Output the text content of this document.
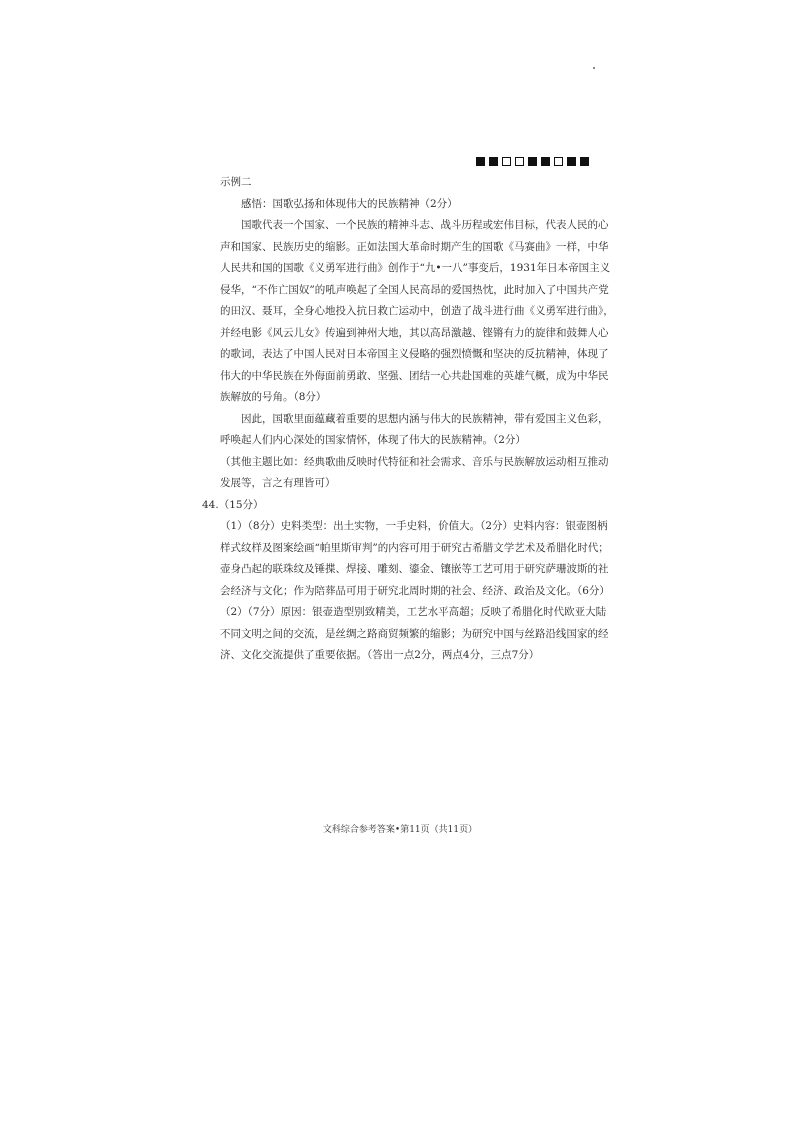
示例二

感悟：国歌弘扬和体现伟大的民族精神（2分）

国歌代表一个国家、一个民族的精神斗志、战斗历程或宏伟目标，代表人民的心声和国家、民族历史的缩影。正如法国大革命时期产生的国歌《马赛曲》一样，中华人民共和国的国歌《义勇军进行曲》创作于“九•一八”事变后，1931年日本帝国主义侵华，“不作亡国奴”的吼声唤起了全国人民高昂的爱国热忱，此时加入了中国共产党的田汉、聂耳，全身心地投入抗日救亡运动中，创造了战斗进行曲《义勇军进行曲》，并经电影《风云儿女》传遍到神州大地，其以高昂激越、铿锵有力的旋律和鼓舞人心的歌词，表达了中国人民对日本帝国主义侵略的强烈愤慨和坚决的反抗精神，体现了伟大的中华民族在外侮面前勇敢、坚强、团结一心共赴国难的英雄气概，成为中华民族解放的号角。（8分）

因此，国歌里面蕴藏着重要的思想内涵与伟大的民族精神，带有爱国主义色彩，呼唤起人们内心深处的国家情怀，体现了伟大的民族精神。（2分）

（其他主题比如：经典歌曲反映时代特征和社会需求、音乐与民族解放运动相互推动发展等，言之有理皆可）

44.（15分）

（1）（8分）史料类型：出土实物，一手史料，价值大。（2分）史料内容：银壶图柄样式纹样及图案绘画“帕里斯审判”的内容可用于研究古希腊文学艺术及希腊化时代；壶身凸起的联珠纹及锤揲、焊接、雕刻、鎏金、镶嵌等工艺可用于研究萨珊波斯的社会经济与文化；作为陪葬品可用于研究北周时期的社会、经济、政治及文化。（6分）

（2）（7分）原因：银壶造型别致精美，工艺水平高超；反映了希腊化时代欧亚大陆不同文明之间的交流，是丝绸之路商贸频繁的缩影；为研究中国与丝路沿线国家的经济、文化交流提供了重要依据。（答出一点2分，两点4分，三点7分）

文科综合参考答案•第11页（共11页）
